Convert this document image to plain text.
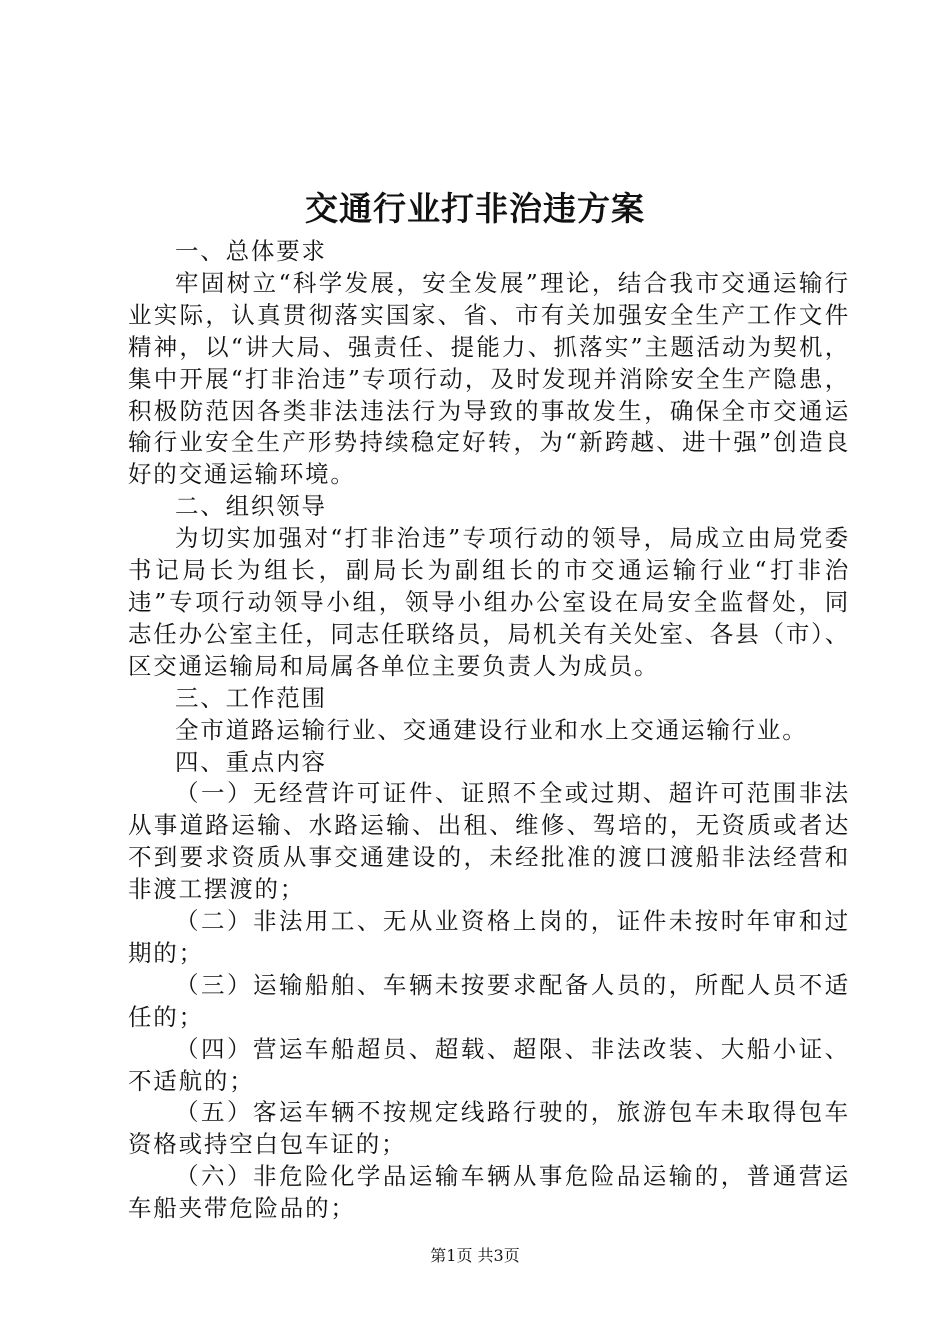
交通行业打非治违方案

一、总体要求

牢固树立“科学发展，安全发展”理论，结合我市交通运输行业实际，认真贯彻落实国家、省、市有关加强安全生产工作文件精神，以“讲大局、强责任、提能力、抓落实”主题活动为契机，集中开展“打非治违”专项行动，及时发现并消除安全生产隐患，积极防范因各类非法违法行为导致的事故发生，确保全市交通运输行业安全生产形势持续稳定好转，为“新跨越、进十强”创造良好的交通运输环境。

二、组织领导

为切实加强对“打非治违”专项行动的领导，局成立由局党委书记局长为组长，副局长为副组长的市交通运输行业“打非治违”专项行动领导小组，领导小组办公室设在局安全监督处，同志任办公室主任，同志任联络员，局机关有关处室、各县（市）、区交通运输局和局属各单位主要负责人为成员。

三、工作范围

全市道路运输行业、交通建设行业和水上交通运输行业。

四、重点内容

（一）无经营许可证件、证照不全或过期、超许可范围非法从事道路运输、水路运输、出租、维修、驾培的，无资质或者达不到要求资质从事交通建设的，未经批准的渡口渡船非法经营和非渡工摆渡的；

（二）非法用工、无从业资格上岗的，证件未按时年审和过期的；

（三）运输船舶、车辆未按要求配备人员的，所配人员不适任的；

（四）营运车船超员、超载、超限、非法改装、大船小证、不适航的；

（五）客运车辆不按规定线路行驶的，旅游包车未取得包车资格或持空白包车证的；

（六）非危险化学品运输车辆从事危险品运输的，普通营运车船夹带危险品的；

第1页 共3页
